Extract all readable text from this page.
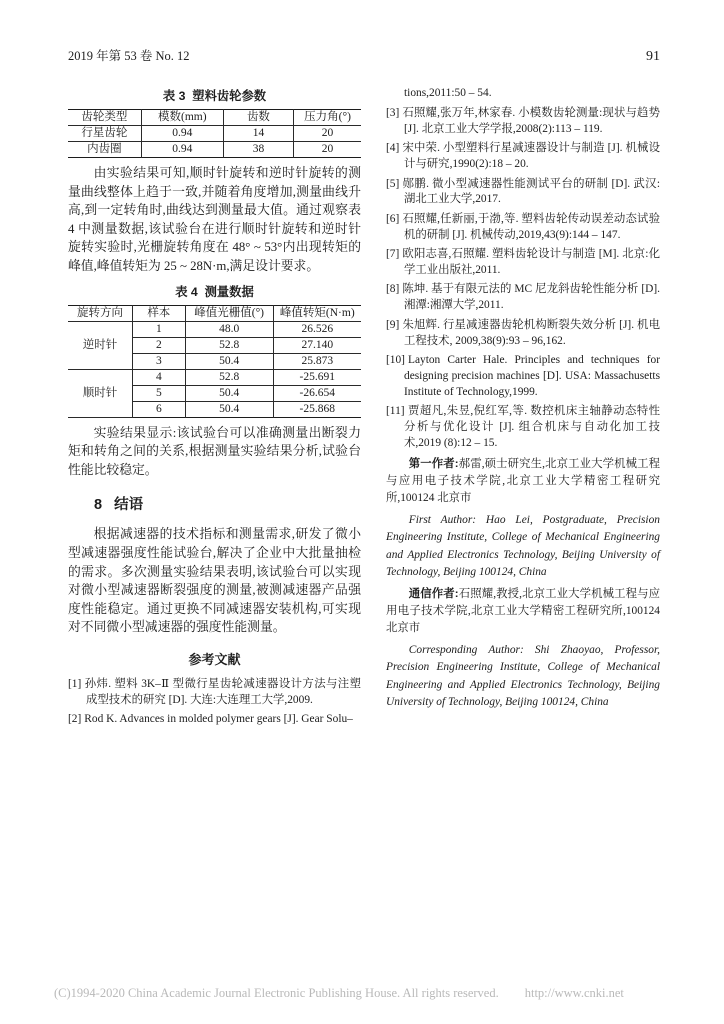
2019 年第 53 卷 No. 12	91
表 3  塑料齿轮参数
齿轮类型	模数(mm)	齿数	压力角(°)
行星齿轮	0.94	14	20
内齿圈	0.94	38	20

由实验结果可知,顺时针旋转和逆时针旋转的测量曲线整体上趋于一致,并随着角度增加,测量曲线升高,到一定转角时,曲线达到测量最大值。通过观察表 4 中测量数据,该试验台在进行顺时针旋转和逆时针旋转实验时,光栅旋转角度在 48° ~ 53°内出现转矩的峰值,峰值转矩为 25 ~ 28N·m,满足设计要求。

表 4  测量数据
旋转方向	样本	峰值光栅值(°)	峰值转矩(N·m)
逆时针	1	48.0	26.526
	2	52.8	27.140
	3	50.4	25.873
顺时针	4	52.8	-25.691
	5	50.4	-26.654
	6	50.4	-25.868

实验结果显示:该试验台可以准确测量出断裂力矩和转角之间的关系,根据测量实验结果分析,试验台性能比较稳定。

8   结语

根据减速器的技术指标和测量需求,研发了微小型减速器强度性能试验台,解决了企业中大批量抽检的需求。多次测量实验结果表明,该试验台可以实现对微小型减速器断裂强度的测量,被测减速器产品强度性能稳定。通过更换不同减速器安装机构,可实现对不同微小型减速器的强度性能测量。

参考文献
[1] 孙炜. 塑料 3K–Ⅱ 型微行星齿轮减速器设计方法与注塑成型技术的研究 [D]. 大连:大连理工大学,2009.
[2] Rod K. Advances in molded polymer gears [J]. Gear Solu–
tions,2011:50 – 54.
[3] 石照耀,张万年,林家春. 小模数齿轮测量:现状与趋势 [J]. 北京工业大学学报,2008(2):113 – 119.
[4] 宋中荣. 小型塑料行星减速器设计与制造 [J]. 机械设计与研究,1990(2):18 – 20.
[5] 郧鹏. 微小型减速器性能测试平台的研制 [D]. 武汉:湖北工业大学,2017.
[6] 石照耀,任新丽,于渤,等. 塑料齿轮传动误差动态试验机的研制 [J]. 机械传动,2019,43(9):144 – 147.
[7] 欧阳志喜,石照耀. 塑料齿轮设计与制造 [M]. 北京:化学工业出版社,2011.
[8] 陈坤. 基于有限元法的 MC 尼龙斜齿轮性能分析 [D]. 湘潭:湘潭大学,2011.
[9] 朱旭辉. 行星减速器齿轮机构断裂失效分析 [J]. 机电工程技术, 2009,38(9):93 – 96,162.
[10] Layton Carter Hale. Principles and techniques for designing precision machines [D]. USA: Massachusetts Institute of Technology,1999.
[11] 贾超凡,朱昱,倪红军,等. 数控机床主轴静动态特性分析与优化设计 [J]. 组合机床与自动化加工技术,2019 (8):12 – 15.

第一作者:郝雷,硕士研究生,北京工业大学机械工程与应用电子技术学院,北京工业大学精密工程研究所,100124 北京市

First Author: Hao Lei, Postgraduate, Precision Engineering Institute, College of Mechanical Engineering and Applied Electronics Technology, Beijing University of Technology, Beijing 100124, China

通信作者:石照耀,教授,北京工业大学机械工程与应用电子技术学院,北京工业大学精密工程研究所,100124 北京市

Corresponding Author: Shi Zhaoyao, Professor, Precision Engineering Institute, College of Mechanical Engineering and Applied Electronics Technology, Beijing University of Technology, Beijing 100124, China

(C)1994-2020 China Academic Journal Electronic Publishing House. All rights reserved. http://www.cnki.net
